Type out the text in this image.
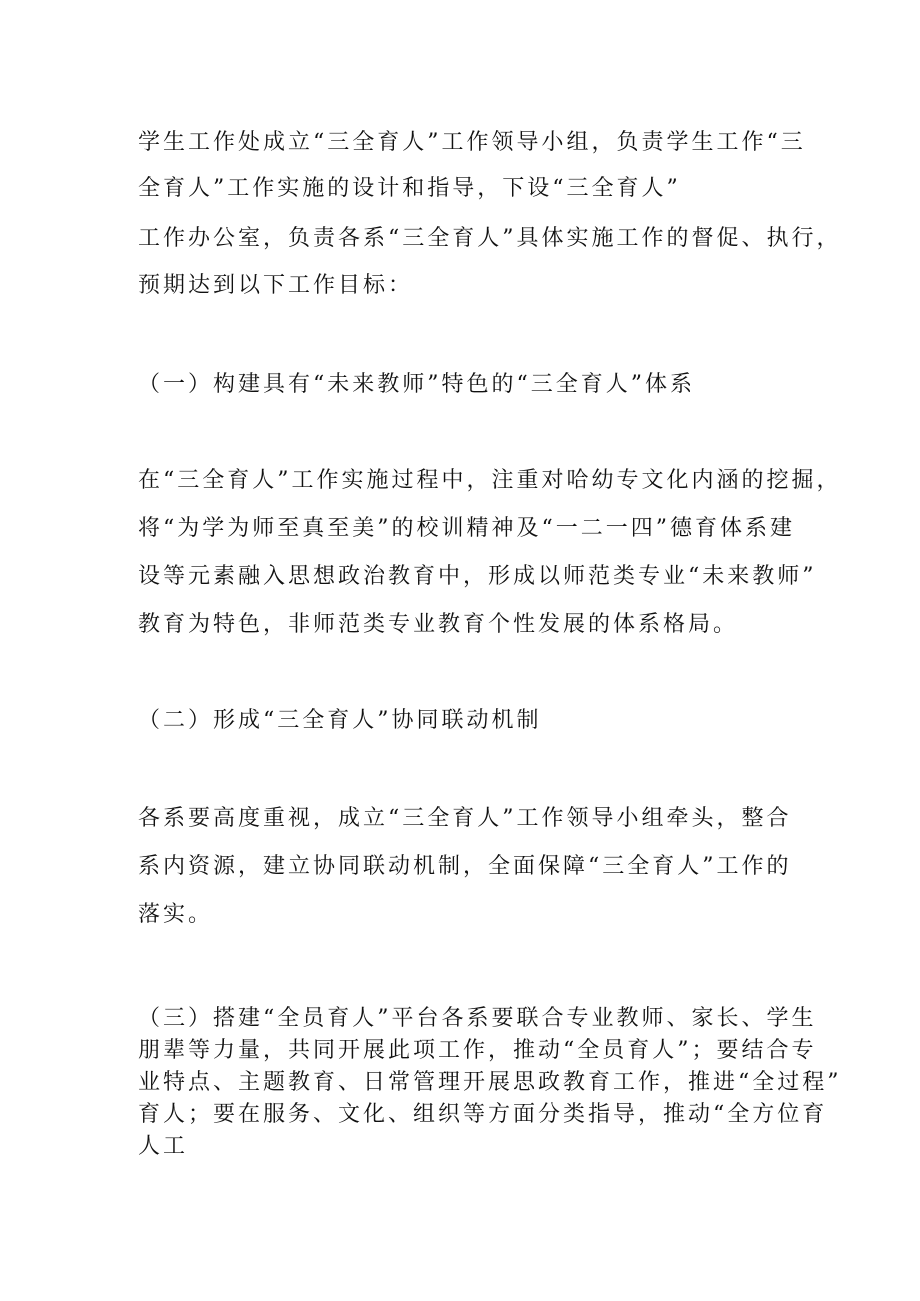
学生工作处成立“三全育人”工作领导小组，负责学生工作“三
全育人”工作实施的设计和指导，下设“三全育人”
工作办公室，负责各系“三全育人”具体实施工作的督促、执行，
预期达到以下工作目标：
（一）构建具有“未来教师”特色的“三全育人”体系
在“三全育人”工作实施过程中，注重对哈幼专文化内涵的挖掘，
将“为学为师至真至美”的校训精神及“一二一四”德育体系建
设等元素融入思想政治教育中，形成以师范类专业“未来教师”
教育为特色，非师范类专业教育个性发展的体系格局。
（二）形成“三全育人”协同联动机制
各系要高度重视，成立“三全育人”工作领导小组牵头，整合
系内资源，建立协同联动机制，全面保障“三全育人”工作的
落实。
（三）搭建“全员育人”平台各系要联合专业教师、家长、学生
朋辈等力量，共同开展此项工作，推动“全员育人”；要结合专
业特点、主题教育、日常管理开展思政教育工作，推进“全过程”
育人；要在服务、文化、组织等方面分类指导，推动“全方位育
人工
